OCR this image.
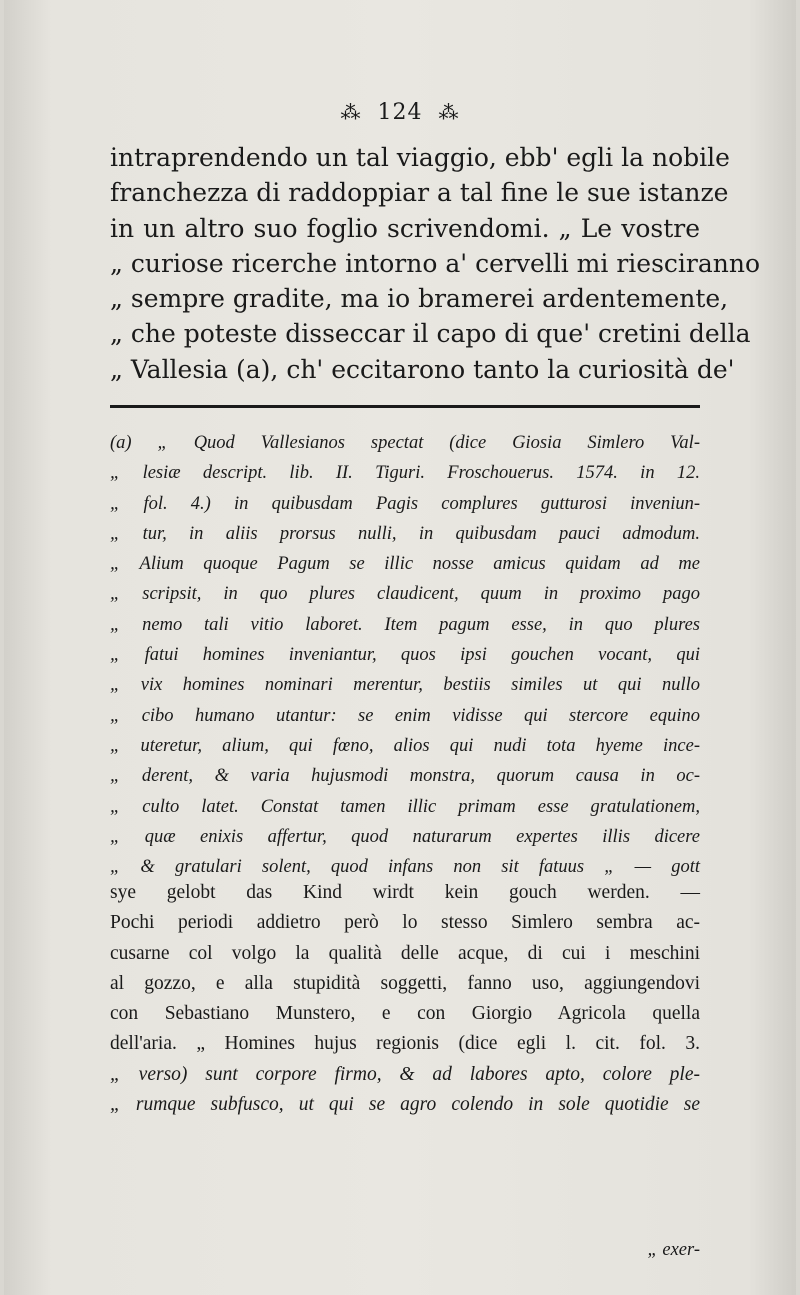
⁂ 124 ⁂
intraprendendo un tal viaggio, ebb' egli la nobile
franchezza di raddoppiar a tal fine le sue istanze
in un altro suo foglio scrivendomi. „ Le vostre
„ curiose ricerche intorno a' cervelli mi riesciranno
„ sempre gradite, ma io bramerei ardentemente,
„ che poteste disseccar il capo di que' cretini della
„ Vallesia (a), ch' eccitarono tanto la curiosità de'
(a) „ Quod Vallesianos spectat (dice Giosia Simlero Val-
„ lesiæ descript. lib. II. Tiguri. Froschouerus. 1574. in 12.
„ fol. 4.) in quibusdam Pagis complures gutturosi inveniun-
„ tur, in aliis prorsus nulli, in quibusdam pauci admodum.
„ Alium quoque Pagum se illic nosse amicus quidam ad me
„ scripsit, in quo plures claudicent, quum in proximo pago
„ nemo tali vitio laboret. Item pagum esse, in quo plures
„ fatui homines inveniantur, quos ipsi gouchen vocant, qui
„ vix homines nominari merentur, bestiis similes ut qui nullo
„ cibo humano utantur: se enim vidisse qui stercore equino
„ uteretur, alium, qui fœno, alios qui nudi tota hyeme ince-
„ derent, & varia hujusmodi monstra, quorum causa in oc-
„ culto latet. Constat tamen illic primam esse gratulationem,
„ quæ enixis affertur, quod naturarum expertes illis dicere
„ & gratulari solent, quod infans non sit fatuus „ — gott
sye gelobt das Kind wirdt kein gouch werden. —
Pochi periodi addietro però lo stesso Simlero sembra ac-
cusarne col volgo la qualità delle acque, di cui i meschini
al gozzo, e alla stupidità soggetti, fanno uso, aggiungendovi
con Sebastiano Munstero, e con Giorgio Agricola quella
dell'aria. „ Homines hujus regionis (dice egli l. cit. fol. 3.
„ verso) sunt corpore firmo, & ad labores apto, colore ple-
„ rumque subfusco, ut qui se agro colendo in sole quotidie se
„ exer-
